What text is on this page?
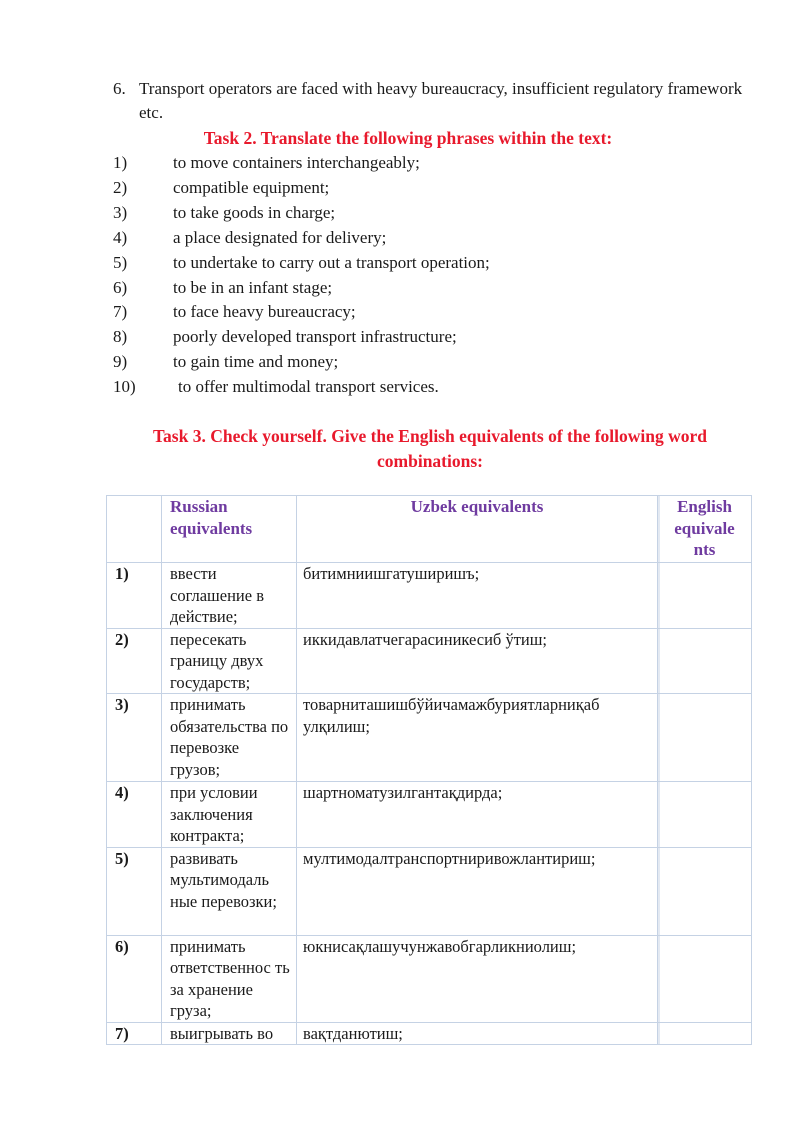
6. Transport operators are faced with heavy bureaucracy, insufficient regulatory framework etc.
Task 2. Translate the following phrases within the text:
1)	to move containers interchangeably;
2)	compatible equipment;
3)	to take goods in charge;
4)	a place designated for delivery;
5)	to undertake to carry out a transport operation;
6)	to be in an infant stage;
7)	to face heavy bureaucracy;
8)	poorly developed transport infrastructure;
9)	to gain time and money;
10) to offer multimodal transport services.
Task 3. Check yourself. Give the English equivalents of the following word
combinations:
	Russian equivalents	Uzbek equivalents	English equivale nts
1)	ввести соглашение в действие;	битимниишгатуширишъ;	
2)	пересекать границу двух государств;	иккидавлатчегарасиникесиб ўтиш;	
3)	принимать обязательства по перевозке грузов;	товарниташишбўйичамажбуриятларниқаб улқилиш;	
4)	при условии заключения контракта;	шартноматузилгантақдирда;	
5)	развивать мультимодаль ные перевозки;	мултимодалтранспортниривожлантириш;	
6)	принимать ответственнос ть за хранение груза;	юкнисақлашучунжавобгарликниолиш;	
7)	выигрывать во	вақтданютиш;	
